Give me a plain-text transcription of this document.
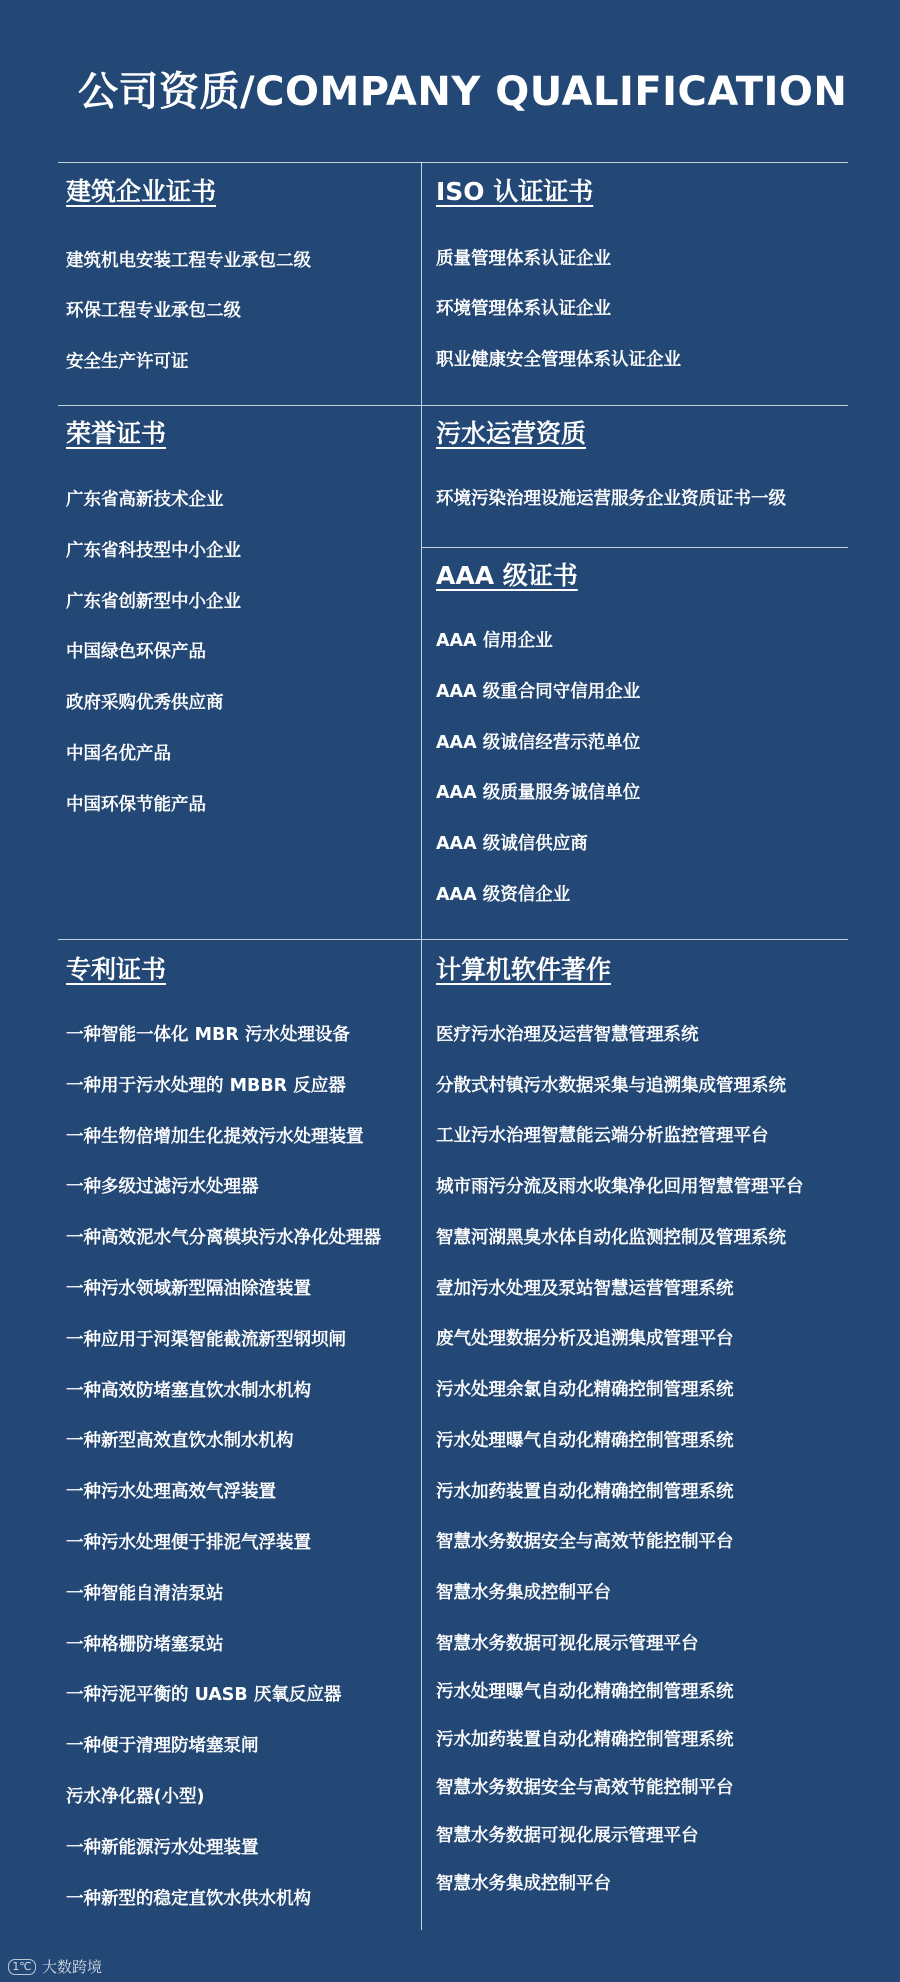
公司资质/COMPANY QUALIFICATION
建筑企业证书
建筑机电安装工程专业承包二级
环保工程专业承包二级
安全生产许可证
ISO 认证证书
质量管理体系认证企业
环境管理体系认证企业
职业健康安全管理体系认证企业
荣誉证书
广东省高新技术企业
广东省科技型中小企业
广东省创新型中小企业
中国绿色环保产品
政府采购优秀供应商
中国名优产品
中国环保节能产品
污水运营资质
环境污染治理设施运营服务企业资质证书一级
AAA 级证书
AAA 信用企业
AAA 级重合同守信用企业
AAA 级诚信经营示范单位
AAA 级质量服务诚信单位
AAA 级诚信供应商
AAA 级资信企业
专利证书
一种智能一体化 MBR 污水处理设备
一种用于污水处理的 MBBR 反应器
一种生物倍增加生化提效污水处理装置
一种多级过滤污水处理器
一种高效泥水气分离模块污水净化处理器
一种污水领域新型隔油除渣装置
一种应用于河渠智能截流新型钢坝闸
一种高效防堵塞直饮水制水机构
一种新型高效直饮水制水机构
一种污水处理高效气浮装置
一种污水处理便于排泥气浮装置
一种智能自清洁泵站
一种格栅防堵塞泵站
一种污泥平衡的 UASB 厌氧反应器
一种便于清理防堵塞泵闸
污水净化器(小型)
一种新能源污水处理装置
一种新型的稳定直饮水供水机构
计算机软件著作
医疗污水治理及运营智慧管理系统
分散式村镇污水数据采集与追溯集成管理系统
工业污水治理智慧能云端分析监控管理平台
城市雨污分流及雨水收集净化回用智慧管理平台
智慧河湖黑臭水体自动化监测控制及管理系统
壹加污水处理及泵站智慧运营管理系统
废气处理数据分析及追溯集成管理平台
污水处理余氯自动化精确控制管理系统
污水处理曝气自动化精确控制管理系统
污水加药装置自动化精确控制管理系统
智慧水务数据安全与高效节能控制平台
智慧水务集成控制平台
智慧水务数据可视化展示管理平台
污水处理曝气自动化精确控制管理系统
污水加药装置自动化精确控制管理系统
智慧水务数据安全与高效节能控制平台
智慧水务数据可视化展示管理平台
智慧水务集成控制平台
1℃ 大数跨境
